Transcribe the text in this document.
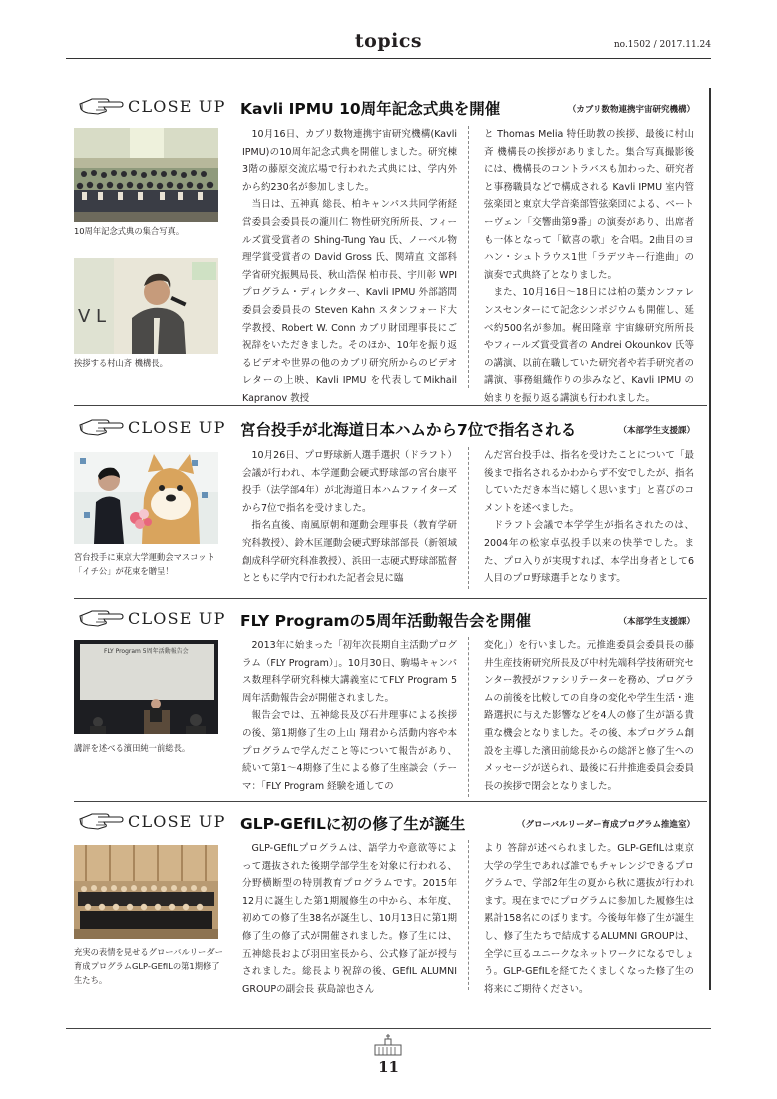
topics	no.1502 / 2017.11.24
CLOSE UP Kavli IPMU 10周年記念式典を開催	（カブリ数物連携宇宙研究機構）
10周年記念式典の集合写真。
V L
挨拶する村山斉 機構長。

10月16日、カブリ数物連携宇宙研究機構(Kavli IPMU)の10周年記念式典を開催しました。研究棟3階の藤原交流広場で行われた式典には、学内外から約230名が参加しました。

当日は、五神真 総長、柏キャンパス共同学術経営委員会委員長の瀧川仁 物性研究所所長、フィールズ賞受賞者の Shing-Tung Yau 氏、ノーベル物理学賞受賞者の David Gross 氏、関靖直 文部科学省研究振興局長、秋山浩保 柏市長、宇川彰 WPI プログラム・ディレクター、Kavli IPMU 外部諮問委員会委員長の Steven Kahn スタンフォード大学教授、Robert W. Conn カブリ財団理事長にご祝辞をいただきました。そのほか、10年を振り返るビデオや世界の他のカブリ研究所からのビデオレターの上映、Kavli IPMU を代表してMikhail Kapranov 教授

と Thomas Melia 特任助教の挨拶、最後に村山斉 機構長の挨拶がありました。集合写真撮影後には、機構長のコントラバスも加わった、研究者と事務職員などで構成される Kavli IPMU 室内管弦楽団と東京大学音楽部管弦楽団による、ベートーヴェン「交響曲第9番」の演奏があり、出席者も一体となって「歓喜の歌」を合唱。2曲目のヨハン・シュトラウス1世「ラデツキー行進曲」の演奏で式典終了となりました。

また、10月16日〜18日には柏の葉カンファレンスセンターにて記念シンポジウムも開催し、延べ約500名が参加。梶田隆章 宇宙線研究所所長やフィールズ賞受賞者の Andrei Okounkov 氏等の講演、以前在職していた研究者や若手研究者の講演、事務組織作りの歩みなど、Kavli IPMU の始まりを振り返る講演も行われました。

CLOSE UP 宮台投手が北海道日本ハムから7位で指名される	（本部学生支援課）
宮台投手に東京大学運動会マスコット「イチ公」が花束を贈呈！

10月26日、プロ野球新人選手選択（ドラフト）会議が行われ、本学運動会硬式野球部の宮台康平投手（法学部4年）が北海道日本ハムファイターズから7位で指名を受けました。

指名直後、南風原朝和運動会理事長（教育学研究科教授）、鈴木匡運動会硬式野球部部長（新領域創成科学研究科准教授）、浜田一志硬式野球部監督とともに学内で行われた記者会見に臨

んだ宮台投手は、指名を受けたことについて「最後まで指名されるかわからず不安でしたが、指名していただき本当に嬉しく思います」と喜びのコメントを述べました。

ドラフト会議で本学学生が指名されたのは、2004年の松家卓弘投手以来の快挙でした。また、プロ入りが実現すれば、本学出身者として6人目のプロ野球選手となります。

CLOSE UP FLY Programの5周年活動報告会を開催	（本部学生支援課）
FLY Program 5周年活動報告会
講評を述べる濱田純一前総長。

2013年に始まった「初年次長期自主活動プログラム（FLY Program）」。10月30日、駒場キャンパス数理科学研究科棟大講義室にてFLY Program 5周年活動報告会が開催されました。

報告会では、五神総長及び石井理事による挨拶の後、第1期修了生の上山 翔君から活動内容や本プログラムで学んだこと等について報告があり、続いて第1〜4期修了生による修了生座談会（テーマ：「FLY Program 経験を通しての

変化」）を行いました。元推進委員会委員長の藤井生産技術研究所長及び中村先端科学技術研究センター教授がファシリテーターを務め、プログラムの前後を比較しての自身の変化や学生生活・進路選択に与えた影響などを4人の修了生が語る貴重な機会となりました。その後、本プログラム創設を主導した濱田前総長からの総評と修了生へのメッセージが送られ、最後に石井推進委員会委員長の挨拶で閉会となりました。

CLOSE UP GLP-GEfILに初の修了生が誕生	（グローバルリーダー育成プログラム推進室）
充実の表情を見せるグローバルリーダー育成プログラムGLP-GEfILの第1期修了生たち。

GLP-GEfILプログラムは、語学力や意欲等によって選抜された後期学部学生を対象に行われる、分野横断型の特別教育プログラムです。2015年12月に誕生した第1期履修生の中から、本年度、初めての修了生38名が誕生し、10月13日に第1期修了生の修了式が開催されました。修了生には、五神総長および羽田室長から、公式修了証が授与されました。総長より祝辞の後、GEfIL ALUMNI GROUPの副会長 荻島諒也さん

より 答辞が述べられました。GLP-GEfILは東京大学の学生であれば誰でもチャレンジできるプログラムで、学部2年生の夏から秋に選抜が行われます。現在までにプログラムに参加した履修生は累計158名にのぼります。今後毎年修了生が誕生し、修了生たちで結成するALUMNI GROUPは、全学に亘るユニークなネットワークになるでしょう。GLP-GEfILを経てたくましくなった修了生の将来にご期待ください。

11
